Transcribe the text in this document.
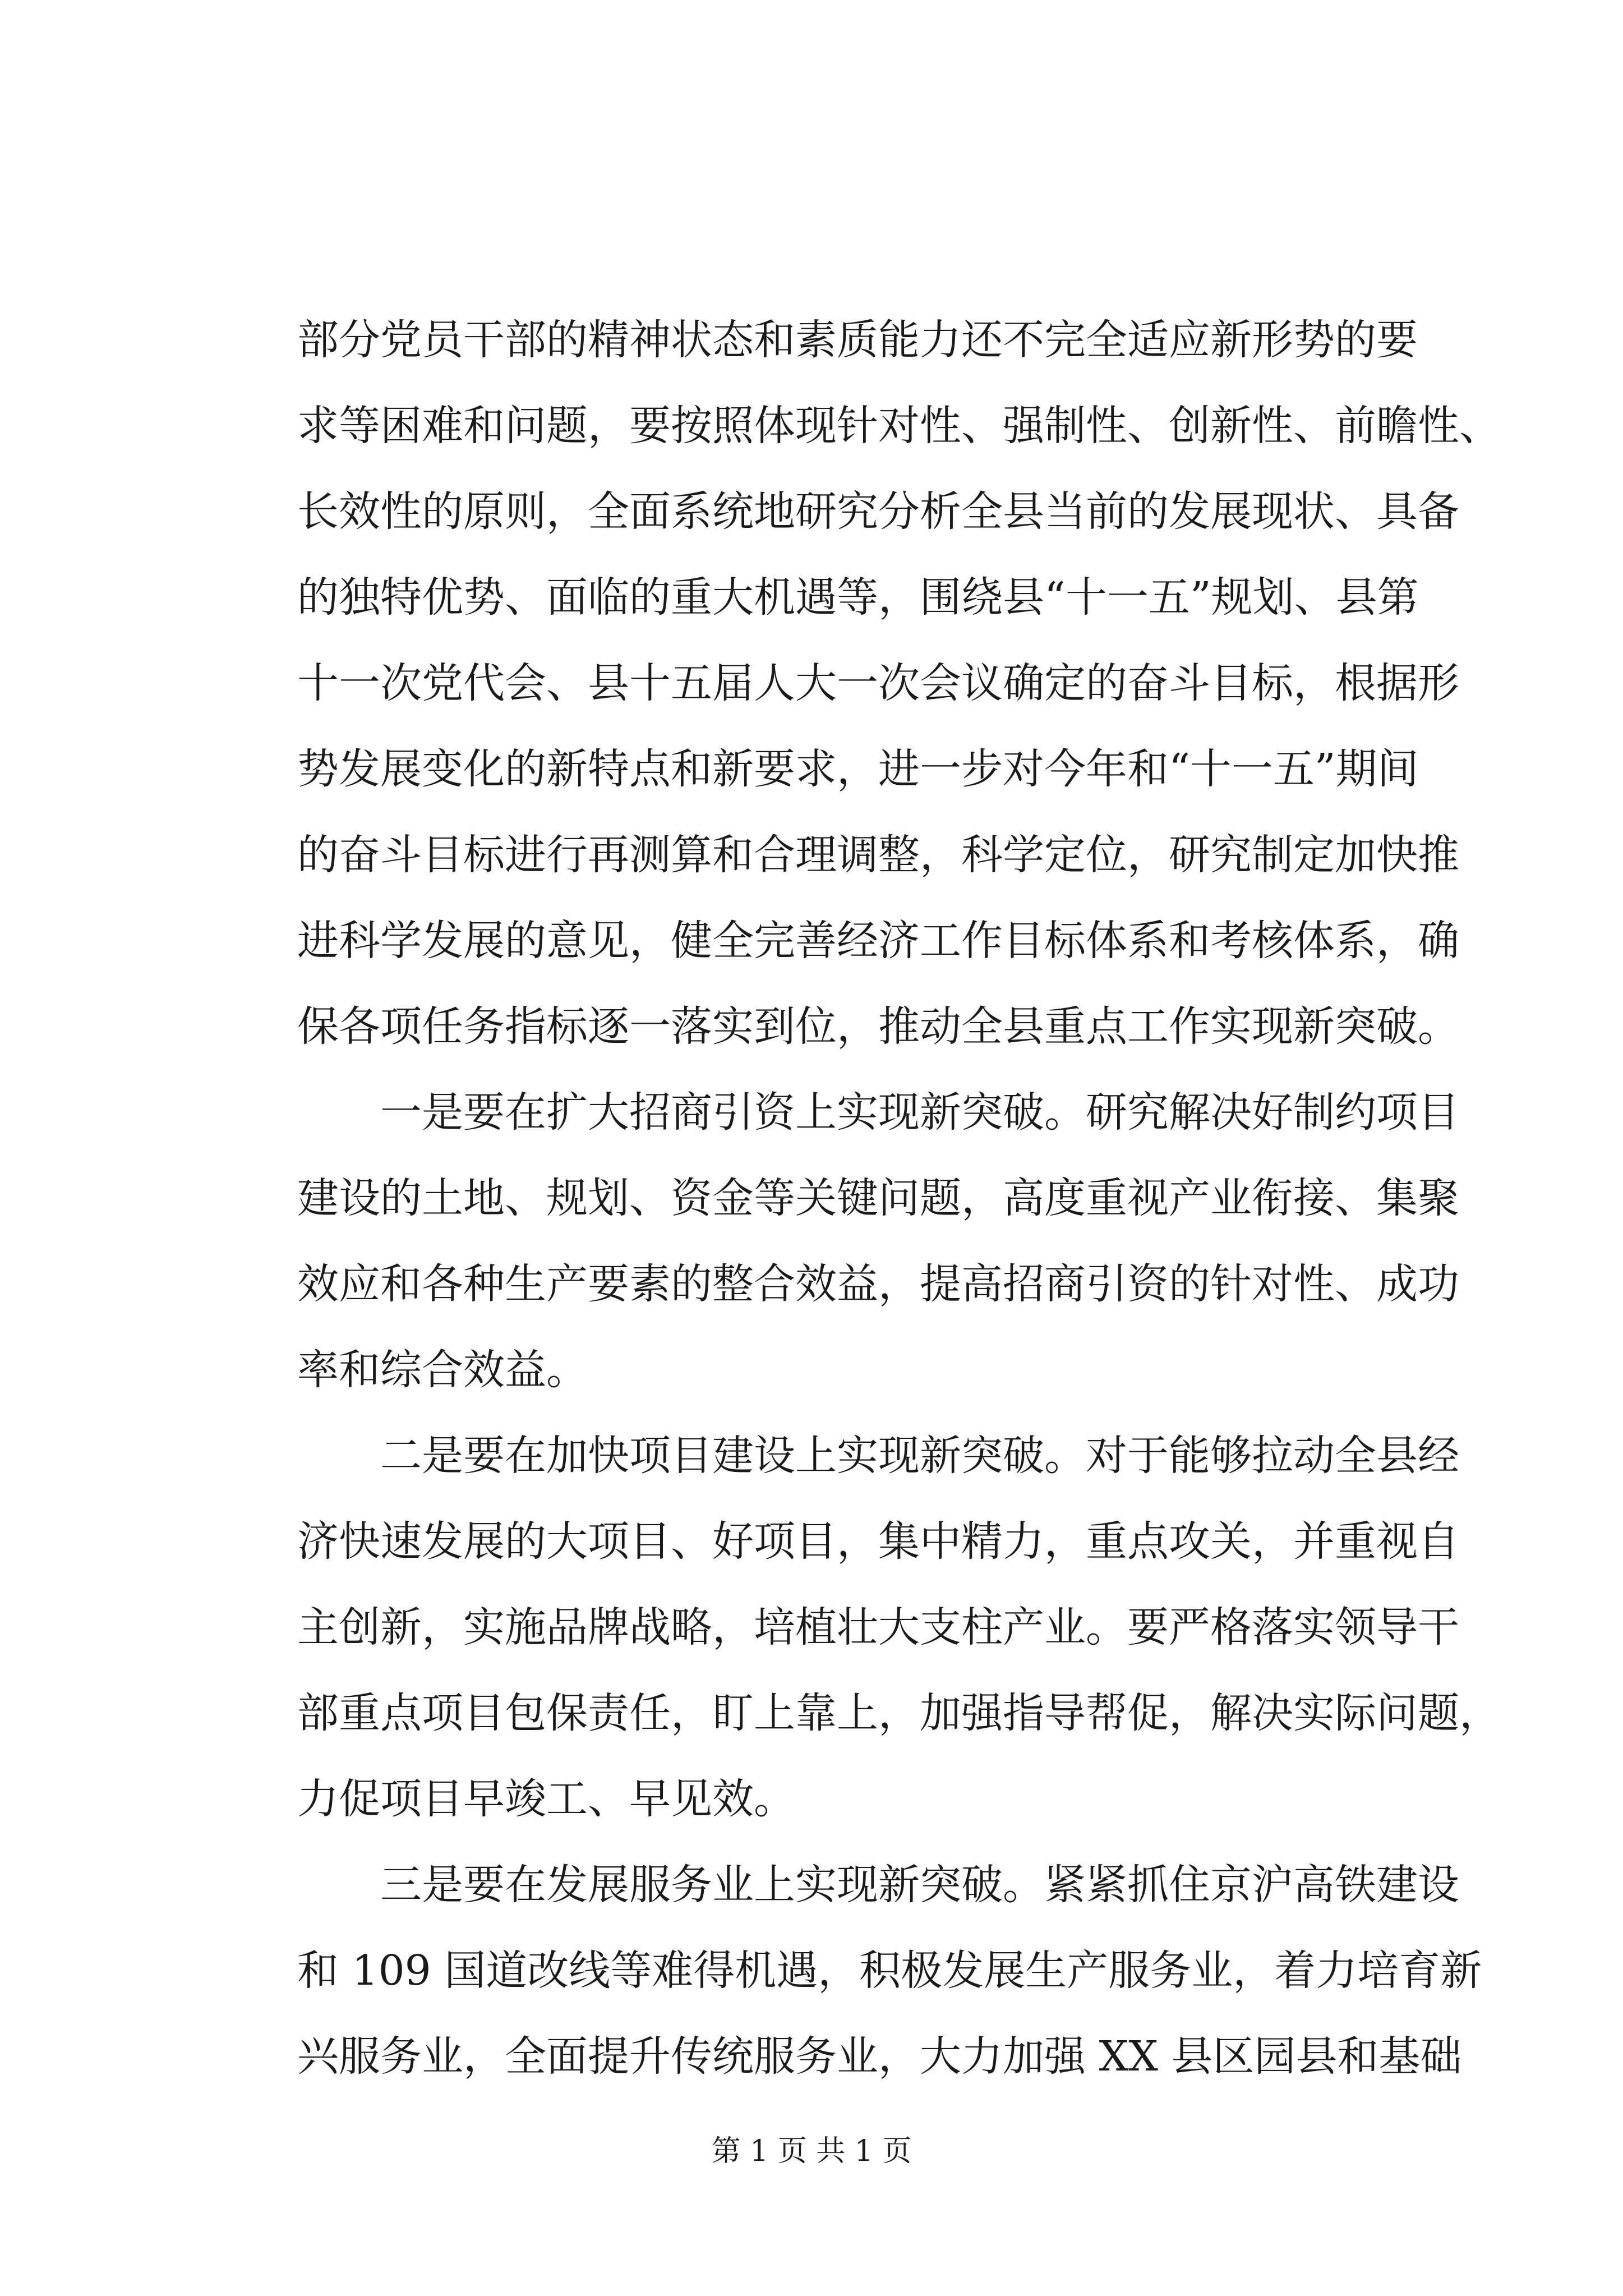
部分党员干部的精神状态和素质能力还不完全适应新形势的要
求等困难和问题，要按照体现针对性、强制性、创新性、前瞻性、
长效性的原则，全面系统地研究分析全县当前的发展现状、具备
的独特优势、面临的重大机遇等，围绕县“十一五”规划、县第
十一次党代会、县十五届人大一次会议确定的奋斗目标，根据形
势发展变化的新特点和新要求，进一步对今年和“十一五”期间
的奋斗目标进行再测算和合理调整，科学定位，研究制定加快推
进科学发展的意见，健全完善经济工作目标体系和考核体系，确
保各项任务指标逐一落实到位，推动全县重点工作实现新突破。
一是要在扩大招商引资上实现新突破。研究解决好制约项目
建设的土地、规划、资金等关键问题，高度重视产业衔接、集聚
效应和各种生产要素的整合效益，提高招商引资的针对性、成功
率和综合效益。
二是要在加快项目建设上实现新突破。对于能够拉动全县经
济快速发展的大项目、好项目，集中精力，重点攻关，并重视自
主创新，实施品牌战略，培植壮大支柱产业。要严格落实领导干
部重点项目包保责任，盯上靠上，加强指导帮促，解决实际问题，
力促项目早竣工、早见效。
三是要在发展服务业上实现新突破。紧紧抓住京沪高铁建设
和 109 国道改线等难得机遇，积极发展生产服务业，着力培育新
兴服务业，全面提升传统服务业，大力加强 XX 县区园县和基础
第 1 页 共 1 页
